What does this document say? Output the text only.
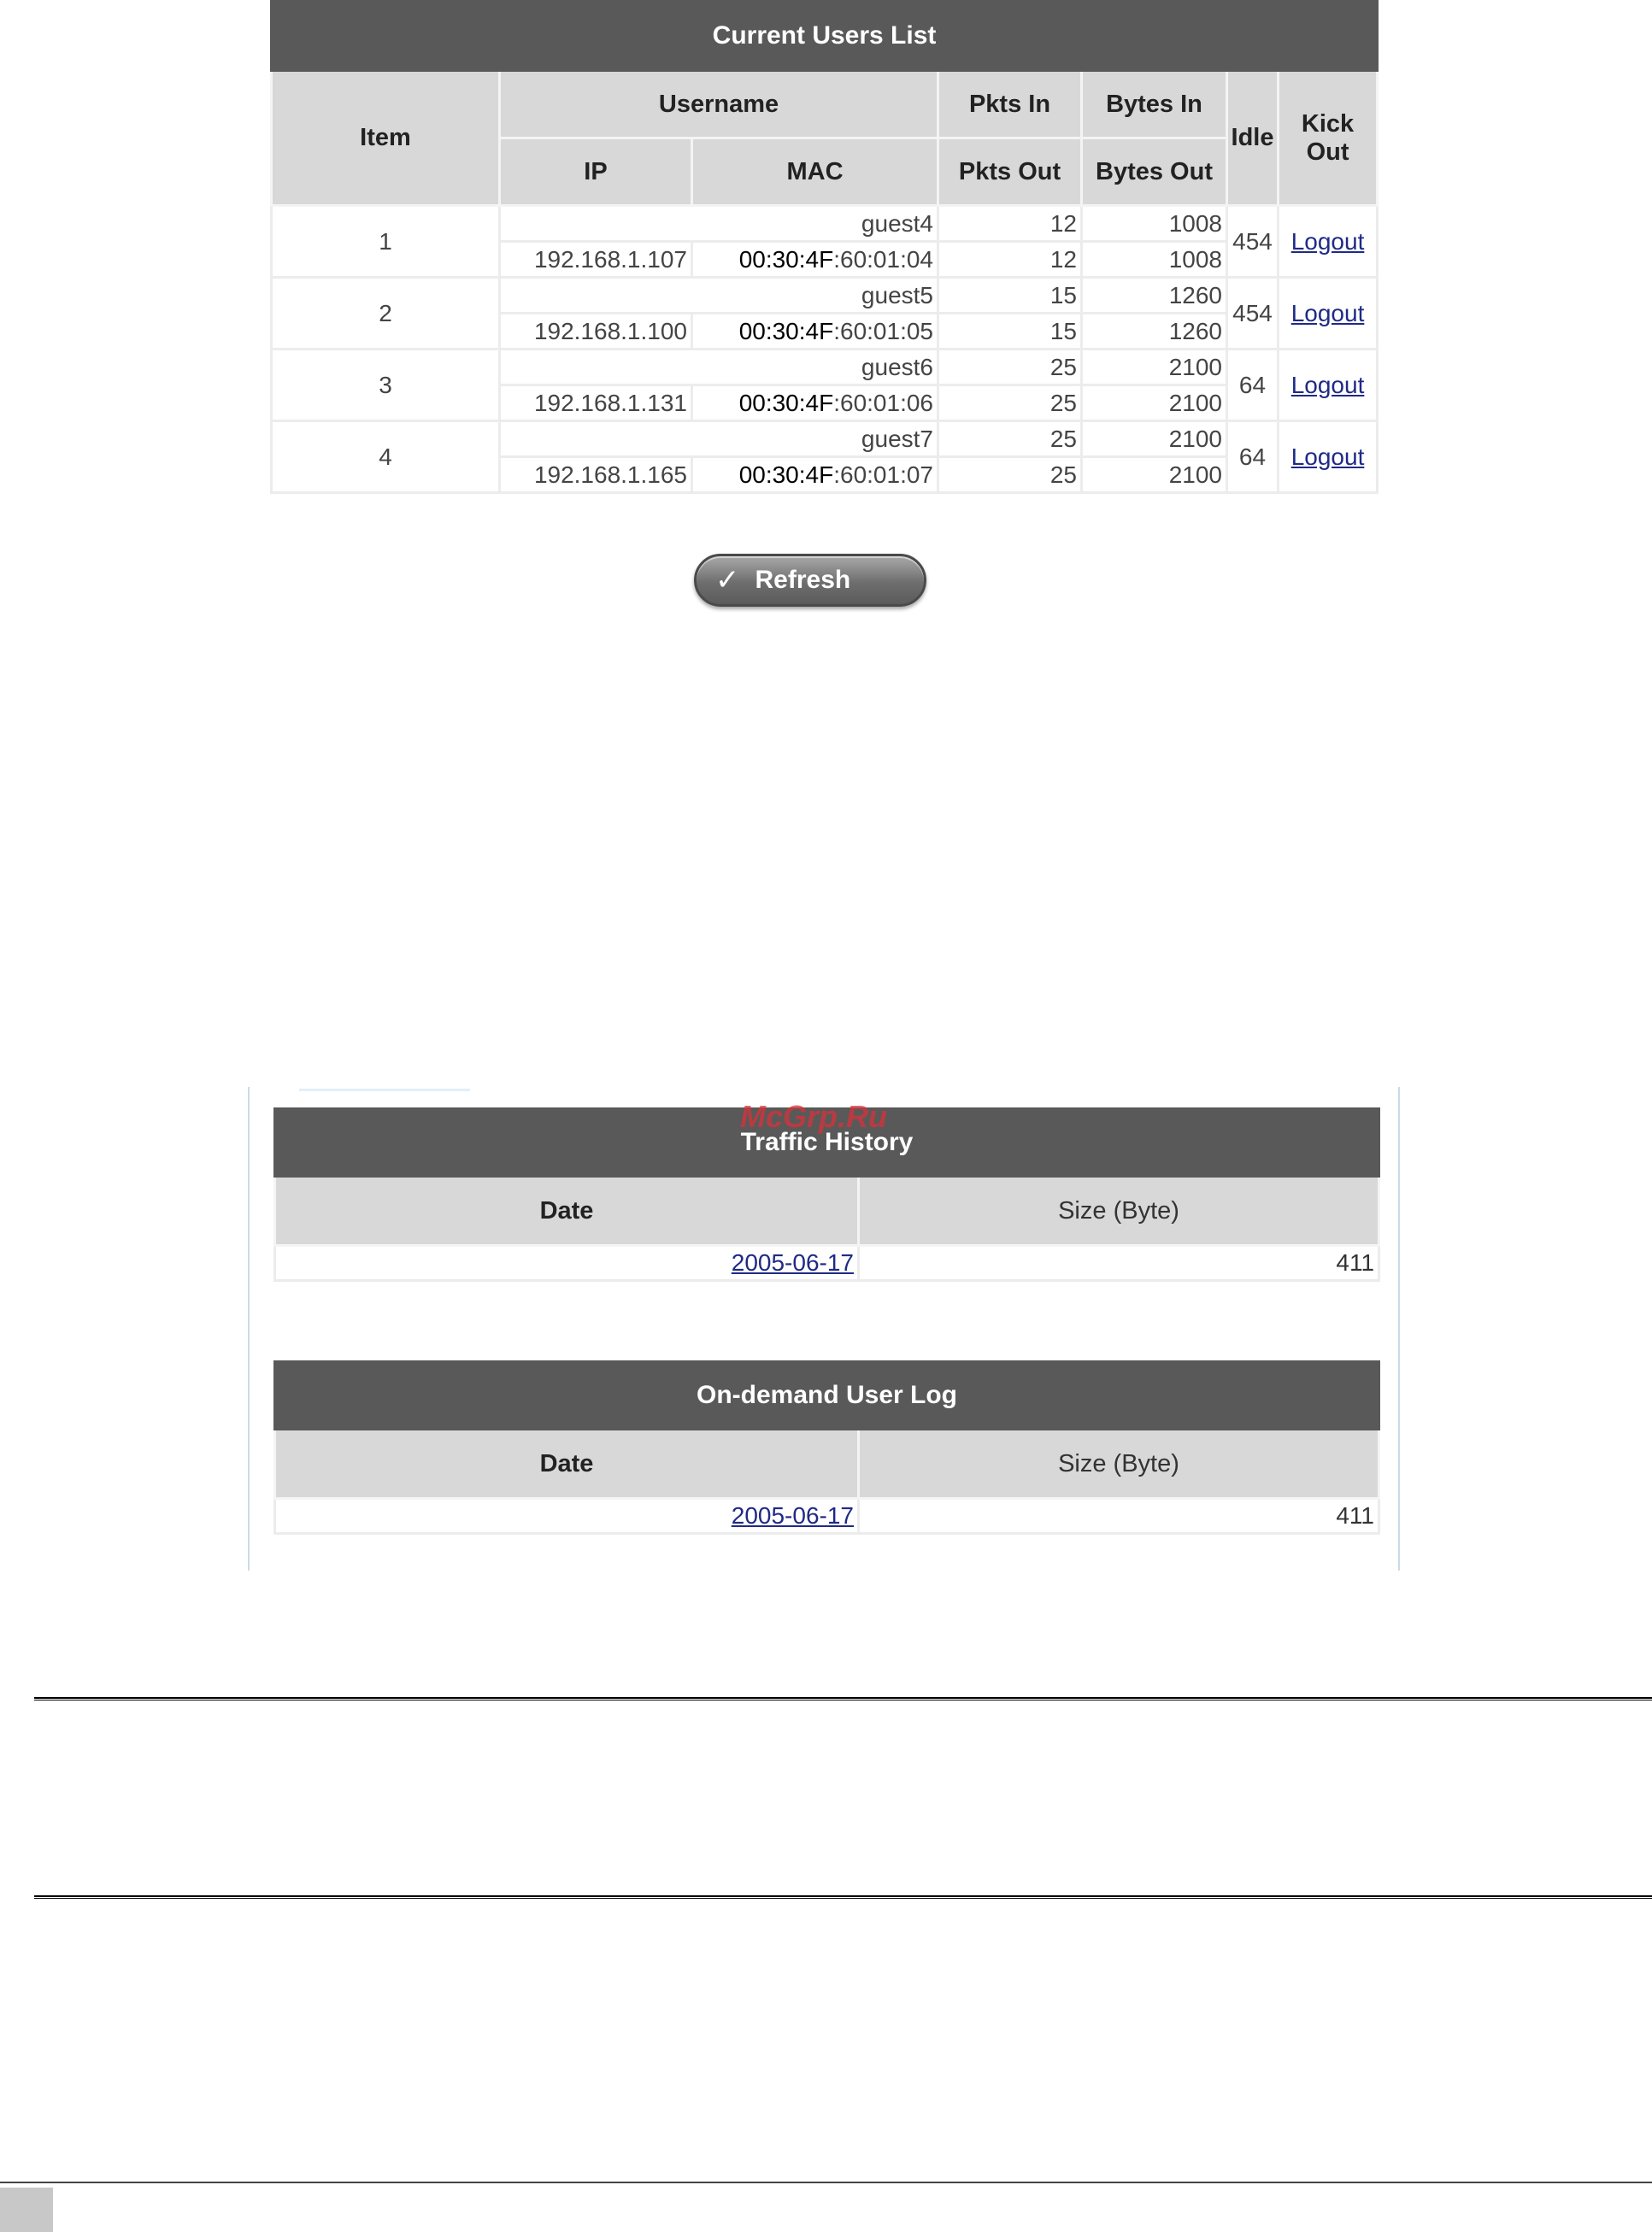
Current Users List						
Item	Username		Pkts In	Bytes In	Idle	Kick Out
	IP	MAC	Pkts Out	Bytes Out		
1	guest4		12	1008	454	Logout
	192.168.1.107	00:30:4F:60:01:04	12	1008		
2	guest5		15	1260	454	Logout
	192.168.1.100	00:30:4F:60:01:05	15	1260		
3	guest6		25	2100	64	Logout
	192.168.1.131	00:30:4F:60:01:06	25	2100		
4	guest7		25	2100	64	Logout
	192.168.1.165	00:30:4F:60:01:07	25	2100		
✓ Refresh
Traffic History	
Date	Size (Byte)
2005-06-17	411
On-demand User Log	
Date	Size (Byte)
2005-06-17	411
McGrp.Ru
